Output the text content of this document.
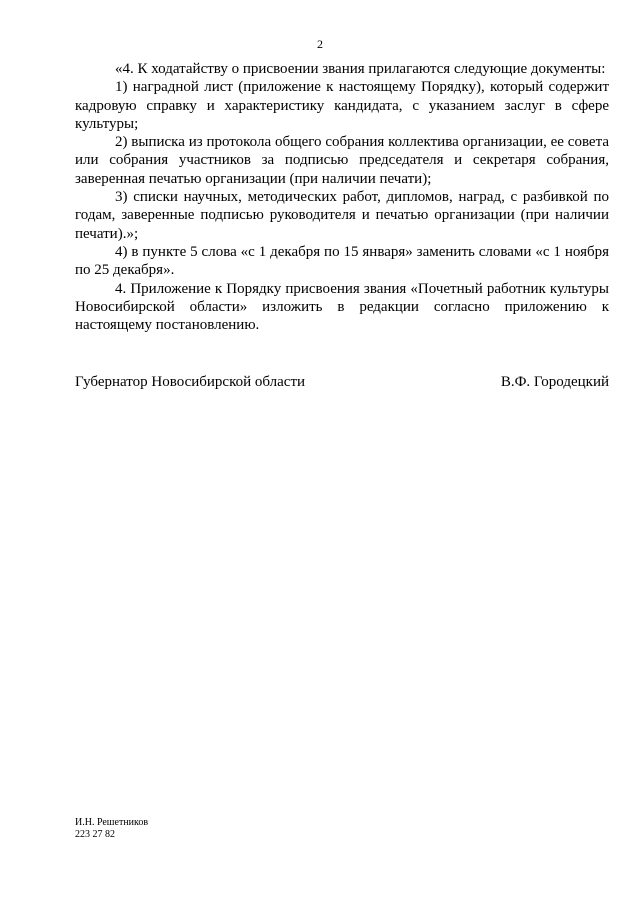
2

«4. К ходатайству о присвоении звания прилагаются следующие документы:

1) наградной лист (приложение к настоящему Порядку), который содержит кадровую справку и характеристику кандидата, с указанием заслуг в сфере культуры;

2) выписка из протокола общего собрания коллектива организации, ее совета или собрания участников за подписью председателя и секретаря собрания, заверенная печатью организации (при наличии печати);

3) списки научных, методических работ, дипломов, наград, с разбивкой по годам, заверенные подписью руководителя и печатью организации (при наличии печати).»;

4) в пункте 5 слова «с 1 декабря по 15 января» заменить словами «с 1 ноября по 25 декабря».

4. Приложение к Порядку присвоения звания «Почетный работник культуры Новосибирской области» изложить в редакции согласно приложению к настоящему постановлению.

Губернатор Новосибирской области	В.Ф. Городецкий
И.Н. Решетников
223 27 82
